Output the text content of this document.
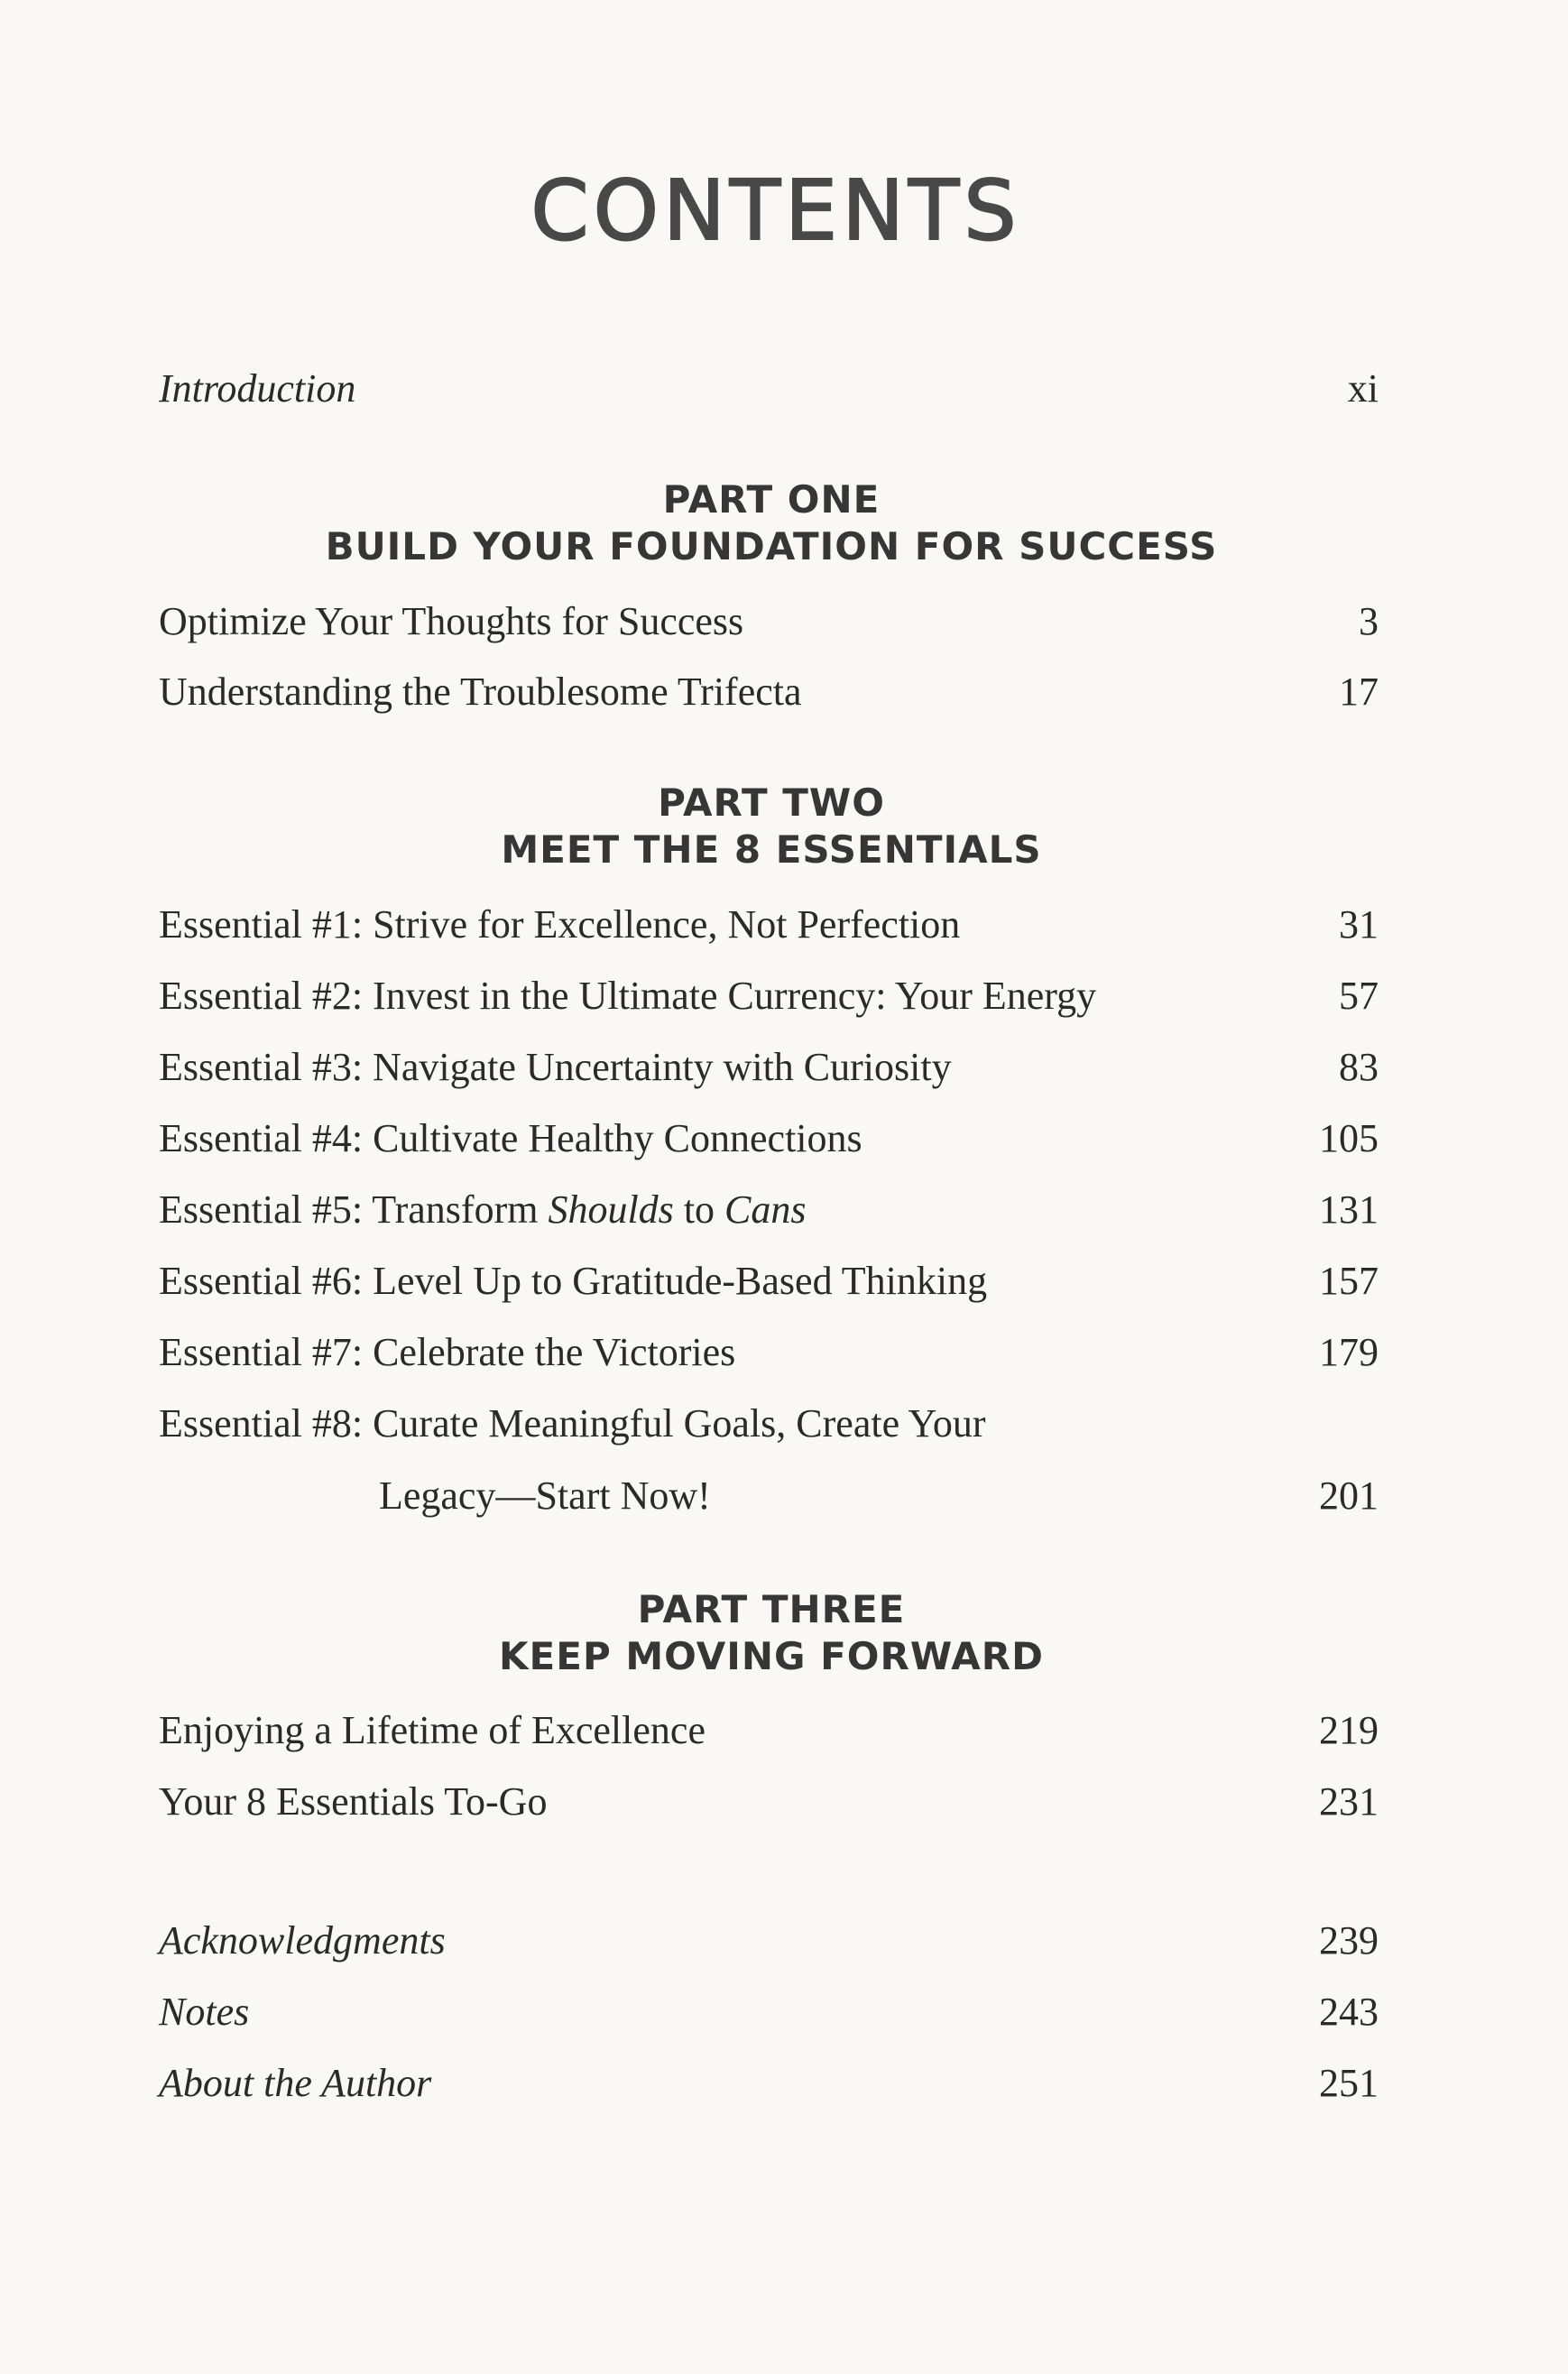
CONTENTS
Introduction	xi
PART ONE
BUILD YOUR FOUNDATION FOR SUCCESS
Optimize Your Thoughts for Success	3
Understanding the Troublesome Trifecta	17
PART TWO
MEET THE 8 ESSENTIALS
Essential #1: Strive for Excellence, Not Perfection	31
Essential #2: Invest in the Ultimate Currency: Your Energy	57
Essential #3: Navigate Uncertainty with Curiosity	83
Essential #4: Cultivate Healthy Connections	105
Essential #5: Transform Shoulds to Cans	131
Essential #6: Level Up to Gratitude-Based Thinking	157
Essential #7: Celebrate the Victories	179
Essential #8: Curate Meaningful Goals, Create Your
Legacy—Start Now!	201
PART THREE
KEEP MOVING FORWARD
Enjoying a Lifetime of Excellence	219
Your 8 Essentials To-Go	231
Acknowledgments	239
Notes	243
About the Author	251
